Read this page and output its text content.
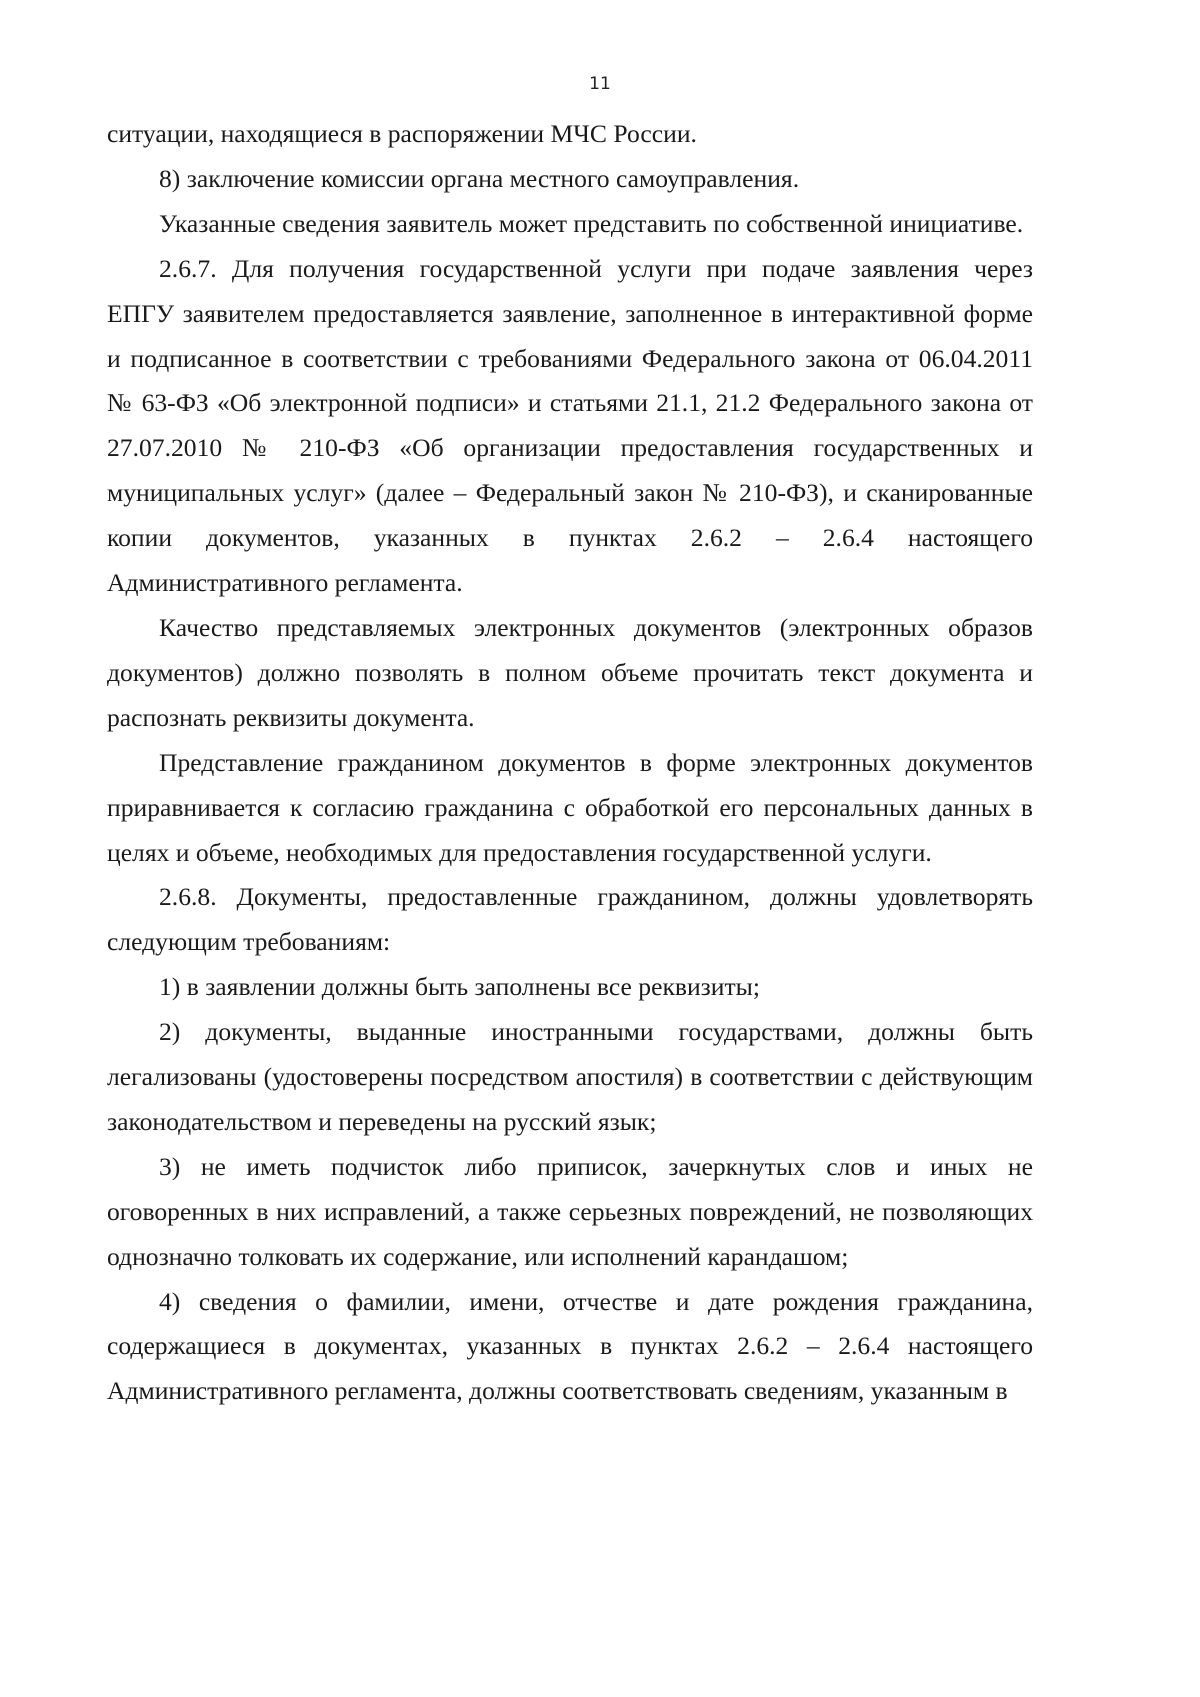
11

ситуации, находящиеся в распоряжении МЧС России.

8) заключение комиссии органа местного самоуправления.

Указанные сведения заявитель может представить по собственной инициативе.

2.6.7. Для получения государственной услуги при подаче заявления через ЕПГУ заявителем предоставляется заявление, заполненное в интерактивной форме и подписанное в соответствии с требованиями Федерального закона от 06.04.2011 № 63-ФЗ «Об электронной подписи» и статьями 21.1, 21.2 Федерального закона от 27.07.2010 № 210-ФЗ «Об организации предоставления государственных и муниципальных услуг» (далее – Федеральный закон № 210-ФЗ), и сканированные копии документов, указанных в пунктах 2.6.2 – 2.6.4 настоящего Административного регламента.

Качество представляемых электронных документов (электронных образов документов) должно позволять в полном объеме прочитать текст документа и распознать реквизиты документа.

Представление гражданином документов в форме электронных документов приравнивается к согласию гражданина с обработкой его персональных данных в целях и объеме, необходимых для предоставления государственной услуги.

2.6.8. Документы, предоставленные гражданином, должны удовлетворять следующим требованиям:

1) в заявлении должны быть заполнены все реквизиты;

2) документы, выданные иностранными государствами, должны быть легализованы (удостоверены посредством апостиля) в соответствии с действующим законодательством и переведены на русский язык;

3) не иметь подчисток либо приписок, зачеркнутых слов и иных не оговоренных в них исправлений, а также серьезных повреждений, не позволяющих однозначно толковать их содержание, или исполнений карандашом;

4) сведения о фамилии, имени, отчестве и дате рождения гражданина, содержащиеся в документах, указанных в пунктах 2.6.2 – 2.6.4 настоящего Административного регламента, должны соответствовать сведениям, указанным в
